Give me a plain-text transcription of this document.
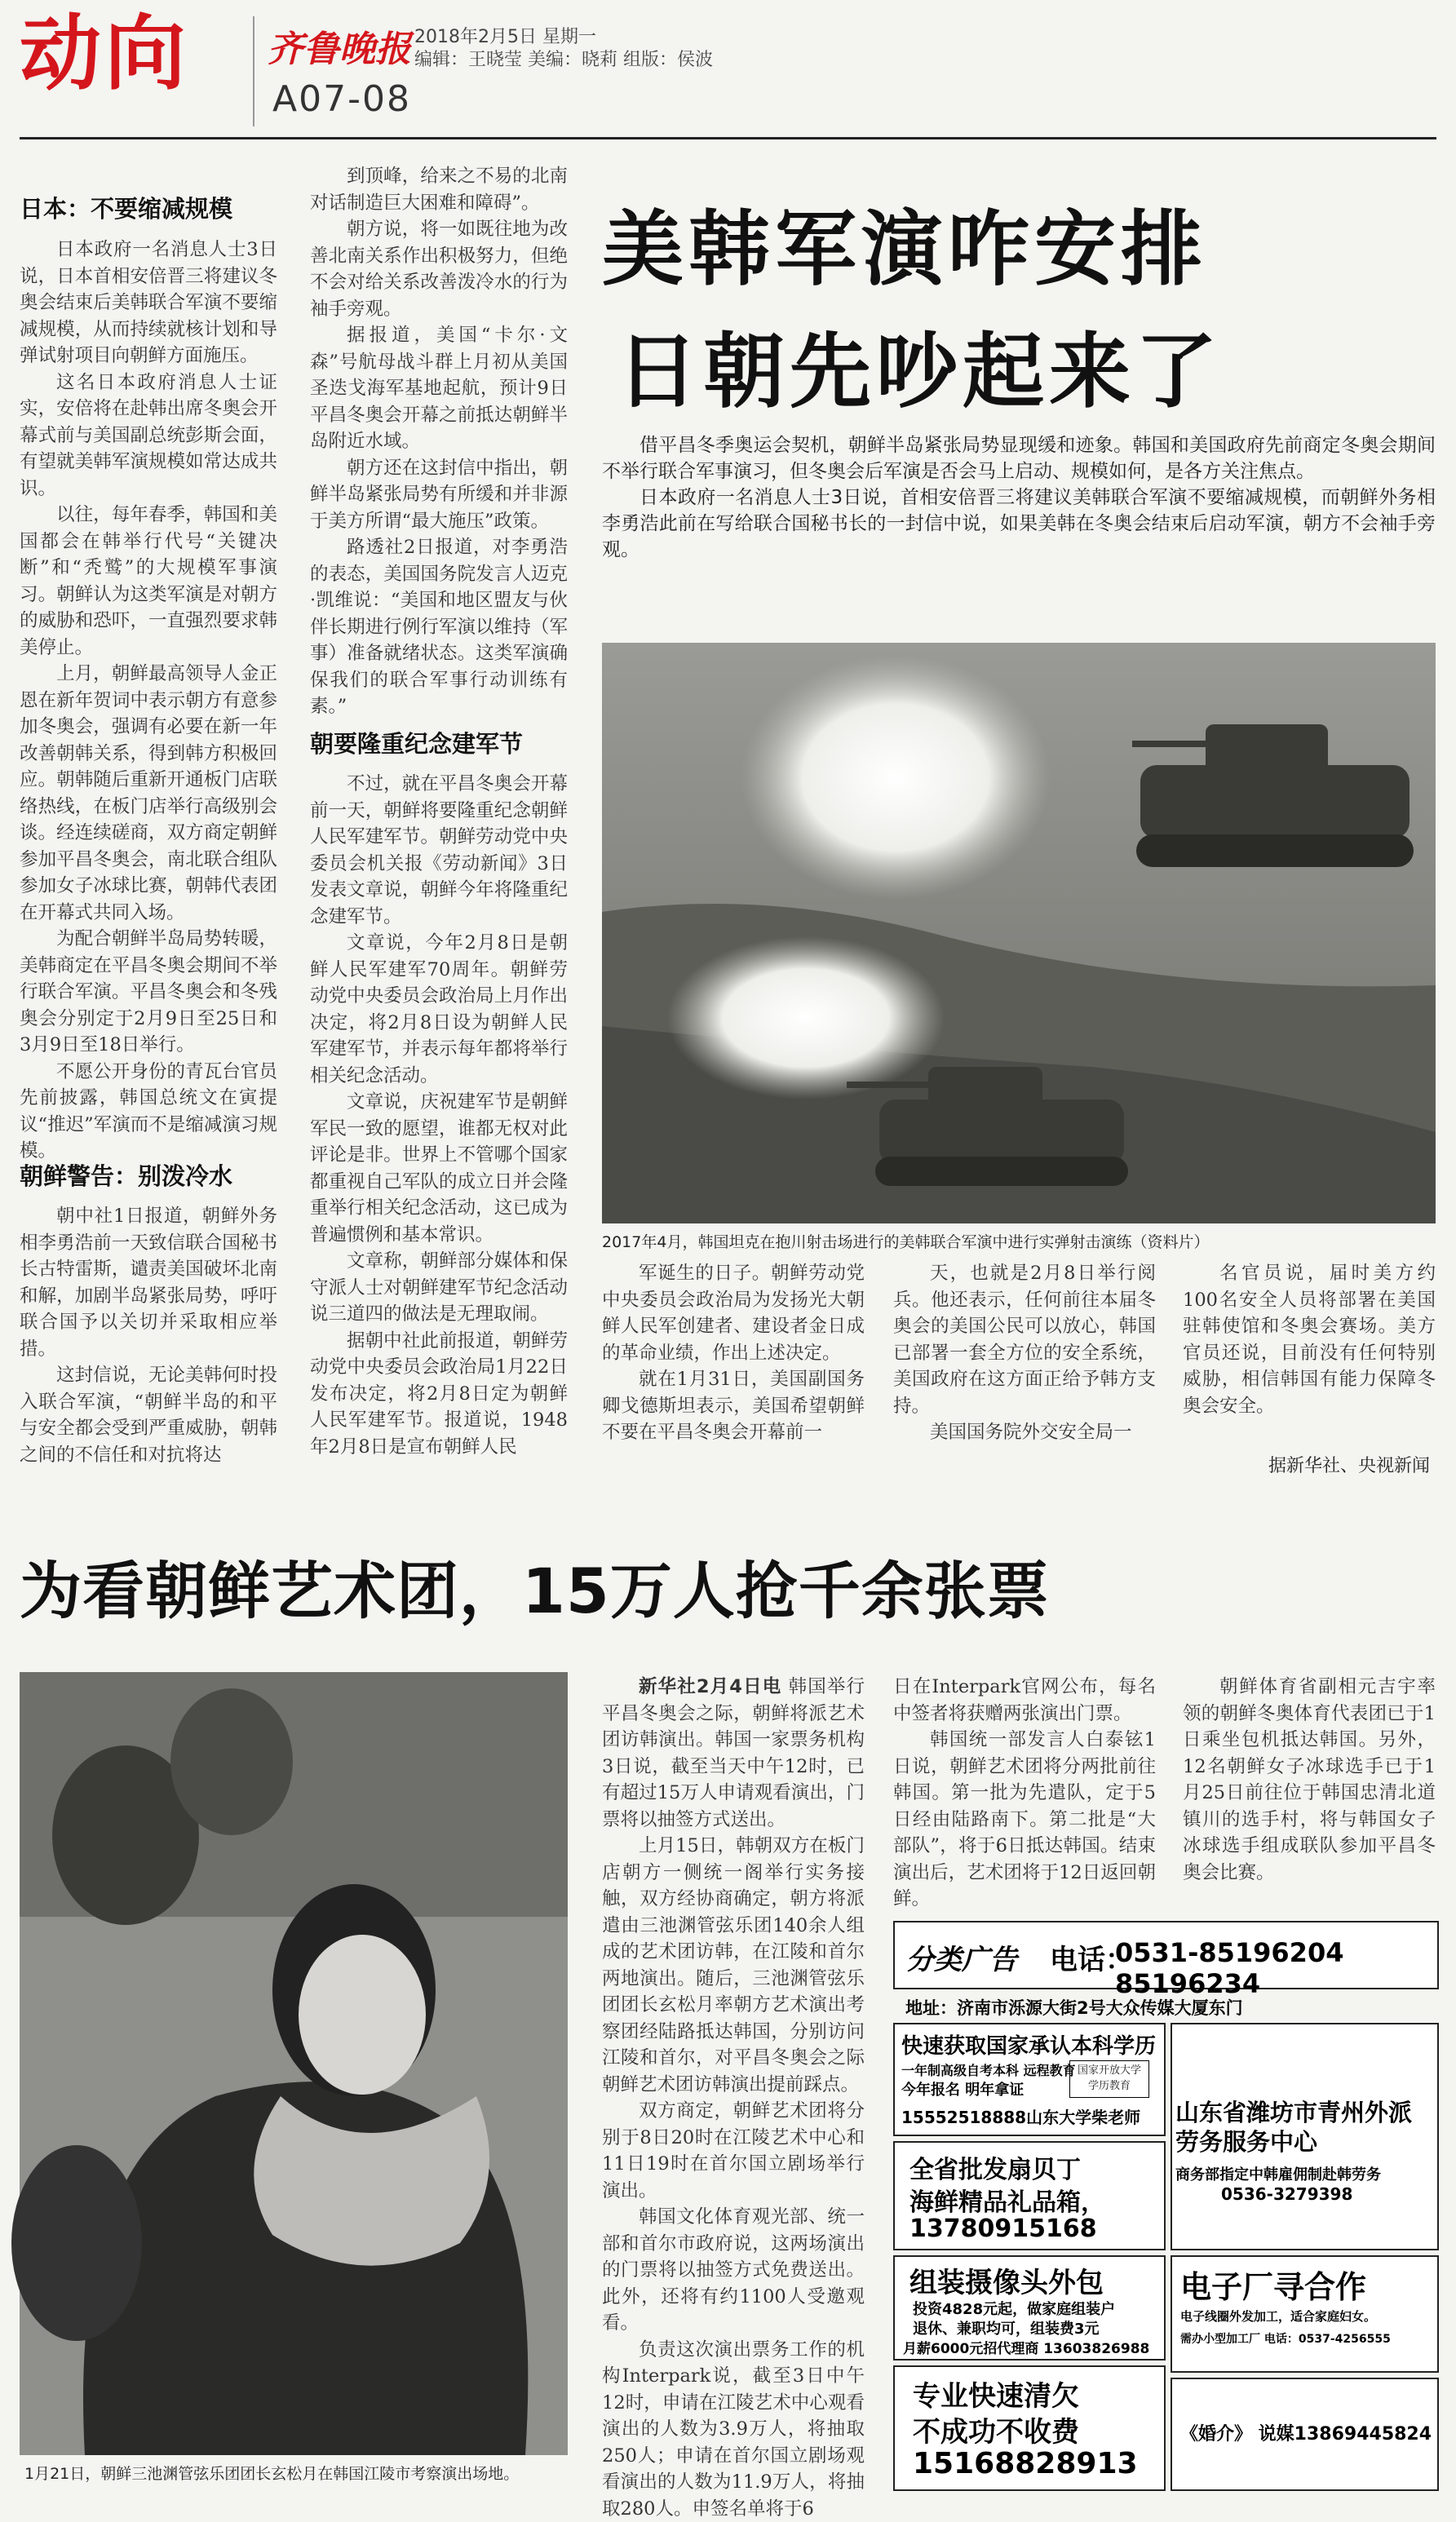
动向 齐鲁晚报 2018年2月5日 星期一
编辑：王晓莹 美编：晓莉 组版：侯波
A07-08
美韩军演咋安排
日朝先吵起来了

借平昌冬季奥运会契机，朝鲜半岛紧张局势显现缓和迹象。韩国和美国政府先前商定冬奥会期间不举行联合军事演习，但冬奥会后军演是否会马上启动、规模如何，是各方关注焦点。

日本政府一名消息人士3日说，首相安倍晋三将建议美韩联合军演不要缩减规模，而朝鲜外务相李勇浩此前在写给联合国秘书长的一封信中说，如果美韩在冬奥会结束后启动军演，朝方不会袖手旁观。

日本：不要缩减规模

日本政府一名消息人士3日说，日本首相安倍晋三将建议冬奥会结束后美韩联合军演不要缩减规模，从而持续就核计划和导弹试射项目向朝鲜方面施压。

这名日本政府消息人士证实，安倍将在赴韩出席冬奥会开幕式前与美国副总统彭斯会面，有望就美韩军演规模如常达成共识。

以往，每年春季，韩国和美国都会在韩举行代号“关键决断”和“秃鹫”的大规模军事演习。朝鲜认为这类军演是对朝方的威胁和恐吓，一直强烈要求韩美停止。

上月，朝鲜最高领导人金正恩在新年贺词中表示朝方有意参加冬奥会，强调有必要在新一年改善朝韩关系，得到韩方积极回应。朝韩随后重新开通板门店联络热线，在板门店举行高级别会谈。经连续磋商，双方商定朝鲜参加平昌冬奥会，南北联合组队参加女子冰球比赛，朝韩代表团在开幕式共同入场。

为配合朝鲜半岛局势转暖，美韩商定在平昌冬奥会期间不举行联合军演。平昌冬奥会和冬残奥会分别定于2月9日至25日和3月9日至18日举行。

不愿公开身份的青瓦台官员先前披露，韩国总统文在寅提议“推迟”军演而不是缩减演习规模。

朝鲜警告：别泼冷水

朝中社1日报道，朝鲜外务相李勇浩前一天致信联合国秘书长古特雷斯，谴责美国破坏北南和解，加剧半岛紧张局势，呼吁联合国予以关切并采取相应举措。

这封信说，无论美韩何时投入联合军演，“朝鲜半岛的和平与安全都会受到严重威胁，朝韩之间的不信任和对抗将达

到顶峰，给来之不易的北南对话制造巨大困难和障碍”。

朝方说，将一如既往地为改善北南关系作出积极努力，但绝不会对给关系改善泼冷水的行为袖手旁观。

据报道，美国“卡尔·文森”号航母战斗群上月初从美国圣迭戈海军基地起航，预计9日平昌冬奥会开幕之前抵达朝鲜半岛附近水域。

朝方还在这封信中指出，朝鲜半岛紧张局势有所缓和并非源于美方所谓“最大施压”政策。

路透社2日报道，对李勇浩的表态，美国国务院发言人迈克·凯维说：“美国和地区盟友与伙伴长期进行例行军演以维持（军事）准备就绪状态。这类军演确保我们的联合军事行动训练有素。”

朝要隆重纪念建军节

不过，就在平昌冬奥会开幕前一天，朝鲜将要隆重纪念朝鲜人民军建军节。朝鲜劳动党中央委员会机关报《劳动新闻》3日发表文章说，朝鲜今年将隆重纪念建军节。

文章说，今年2月8日是朝鲜人民军建军70周年。朝鲜劳动党中央委员会政治局上月作出决定，将2月8日设为朝鲜人民军建军节，并表示每年都将举行相关纪念活动。

文章说，庆祝建军节是朝鲜军民一致的愿望，谁都无权对此评论是非。世界上不管哪个国家都重视自己军队的成立日并会隆重举行相关纪念活动，这已成为普遍惯例和基本常识。

文章称，朝鲜部分媒体和保守派人士对朝鲜建军节纪念活动说三道四的做法是无理取闹。

据朝中社此前报道，朝鲜劳动党中央委员会政治局1月22日发布决定，将2月8日定为朝鲜人民军建军节。报道说，1948年2月8日是宣布朝鲜人民

2017年4月，韩国坦克在抱川射击场进行的美韩联合军演中进行实弹射击演练（资料片）

军诞生的日子。朝鲜劳动党中央委员会政治局为发扬光大朝鲜人民军创建者、建设者金日成的革命业绩，作出上述决定。

就在1月31日，美国副国务卿戈德斯坦表示，美国希望朝鲜不要在平昌冬奥会开幕前一

天，也就是2月8日举行阅兵。他还表示，任何前往本届冬奥会的美国公民可以放心，韩国已部署一套全方位的安全系统，美国政府在这方面正给予韩方支持。

美国国务院外交安全局一

名官员说，届时美方约100名安全人员将部署在美国驻韩使馆和冬奥会赛场。美方官员还说，目前没有任何特别威胁，相信韩国有能力保障冬奥会安全。

据新华社、央视新闻
为看朝鲜艺术团，15万人抢千余张票
1月21日，朝鲜三池渊管弦乐团团长玄松月在韩国江陵市考察演出场地。

新华社2月4日电 韩国举行平昌冬奥会之际，朝鲜将派艺术团访韩演出。韩国一家票务机构3日说，截至当天中午12时，已有超过15万人申请观看演出，门票将以抽签方式送出。

上月15日，韩朝双方在板门店朝方一侧统一阁举行实务接触，双方经协商确定，朝方将派遣由三池渊管弦乐团140余人组成的艺术团访韩，在江陵和首尔两地演出。随后，三池渊管弦乐团团长玄松月率朝方艺术演出考察团经陆路抵达韩国，分别访问江陵和首尔，对平昌冬奥会之际朝鲜艺术团访韩演出提前踩点。

双方商定，朝鲜艺术团将分别于8日20时在江陵艺术中心和11日19时在首尔国立剧场举行演出。

韩国文化体育观光部、统一部和首尔市政府说，这两场演出的门票将以抽签方式免费送出。此外，还将有约1100人受邀观看。

负责这次演出票务工作的机构Interpark说，截至3日中午12时，申请在江陵艺术中心观看演出的人数为3.9万人，将抽取250人；申请在首尔国立剧场观看演出的人数为11.9万人，将抽取280人。申签名单将于6

日在Interpark官网公布，每名中签者将获赠两张演出门票。

韩国统一部发言人白泰铉1日说，朝鲜艺术团将分两批前往韩国。第一批为先遣队，定于5日经由陆路南下。第二批是“大部队”，将于6日抵达韩国。结束演出后，艺术团将于12日返回朝鲜。

朝鲜体育省副相元吉宇率领的朝鲜冬奥体育代表团已于1日乘坐包机抵达韩国。另外，12名朝鲜女子冰球选手已于1月25日前往位于韩国忠清北道镇川的选手村，将与韩国女子冰球选手组成联队参加平昌冬奥会比赛。

分类广告 电话：
0531-85196204 85196234
地址：济南市泺源大街2号大众传媒大厦东门
快速获取国家承认本科学历
一年制高级自考本科 远程教育
今年报名 明年拿证
国家开放大学
学历教育
15552518888山东大学柴老师
全省批发扇贝丁
海鲜精品礼品箱，
13780915168
组装摄像头外包
投资4828元起，做家庭组装户
退休、兼职均可，组装费3元
月薪6000元招代理商 13603826988
专业快速清欠
不成功不收费
15168828913
山东省潍坊市青州外派劳务服务中心
商务部指定中韩雇佣制赴韩劳务
0536-3279398
电子厂寻合作
电子线圈外发加工，适合家庭妇女。
需办小型加工厂 电话：0537-4256555
《婚介》 说媒13869445824
